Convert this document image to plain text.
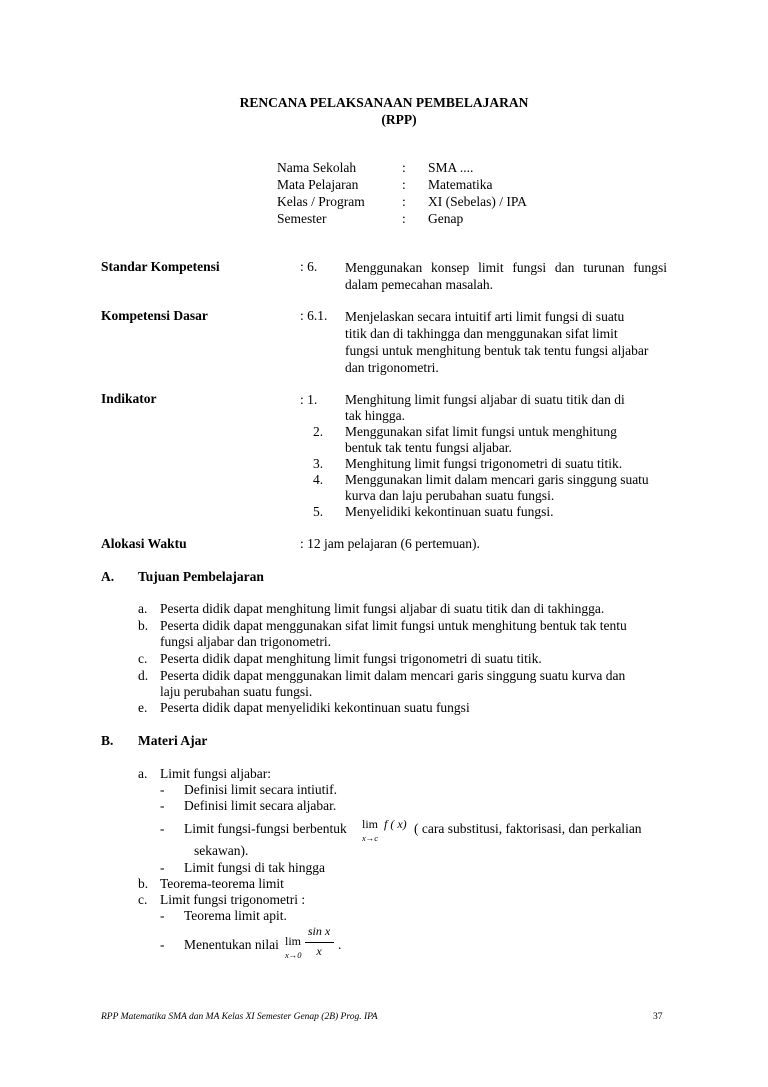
RENCANA PELAKSANAAN PEMBELAJARAN
(RPP)
Nama Sekolah	: SMA ....
Mata Pelajaran	: Matematika
Kelas / Program	: XI (Sebelas) / IPA
Semester	: Genap
Standar Kompetensi	: 6. Menggunakan konsep limit fungsi dan turunan fungsi dalam pemecahan masalah.
Kompetensi Dasar	: 6.1. Menjelaskan secara intuitif arti limit fungsi di suatu
titik dan di takhingga dan menggunakan sifat limit
fungsi untuk menghitung bentuk tak tentu fungsi aljabar
dan trigonometri.
Indikator	: 1. Menghitung limit fungsi aljabar di suatu titik dan di
tak hingga.
2. Menggunakan sifat limit fungsi untuk menghitung
bentuk tak tentu fungsi aljabar.
3. Menghitung limit fungsi trigonometri di suatu titik.
4. Menggunakan limit dalam mencari garis singgung suatu
kurva dan laju perubahan suatu fungsi.
5. Menyelidiki kekontinuan suatu fungsi.
Alokasi Waktu	: 12 jam pelajaran (6 pertemuan).
A. Tujuan Pembelajaran
a. Peserta didik dapat menghitung limit fungsi aljabar di suatu titik dan di takhingga.
b. Peserta didik dapat menggunakan sifat limit fungsi untuk menghitung bentuk tak tentu
fungsi aljabar dan trigonometri.
c. Peserta didik dapat menghitung limit fungsi trigonometri di suatu titik.
d. Peserta didik dapat menggunakan limit dalam mencari garis singgung suatu kurva dan
laju perubahan suatu fungsi.
e. Peserta didik dapat menyelidiki kekontinuan suatu fungsi
B. Materi Ajar
a. Limit fungsi aljabar:
- Definisi limit secara intiutif.
- Definisi limit secara aljabar.
- Limit fungsi-fungsi berbentuk lim
x→c
f ( x) ( cara substitusi, faktorisasi, dan perkalian
sekawan).
- Limit fungsi di tak hingga
b. Teorema-teorema limit
c. Limit fungsi trigonometri :
- Teorema limit apit.
- Menentukan nilai lim
x→0
sin x
x	.
RPP Matematika SMA dan MA Kelas XI Semester Genap (2B) Prog. IPA	37
